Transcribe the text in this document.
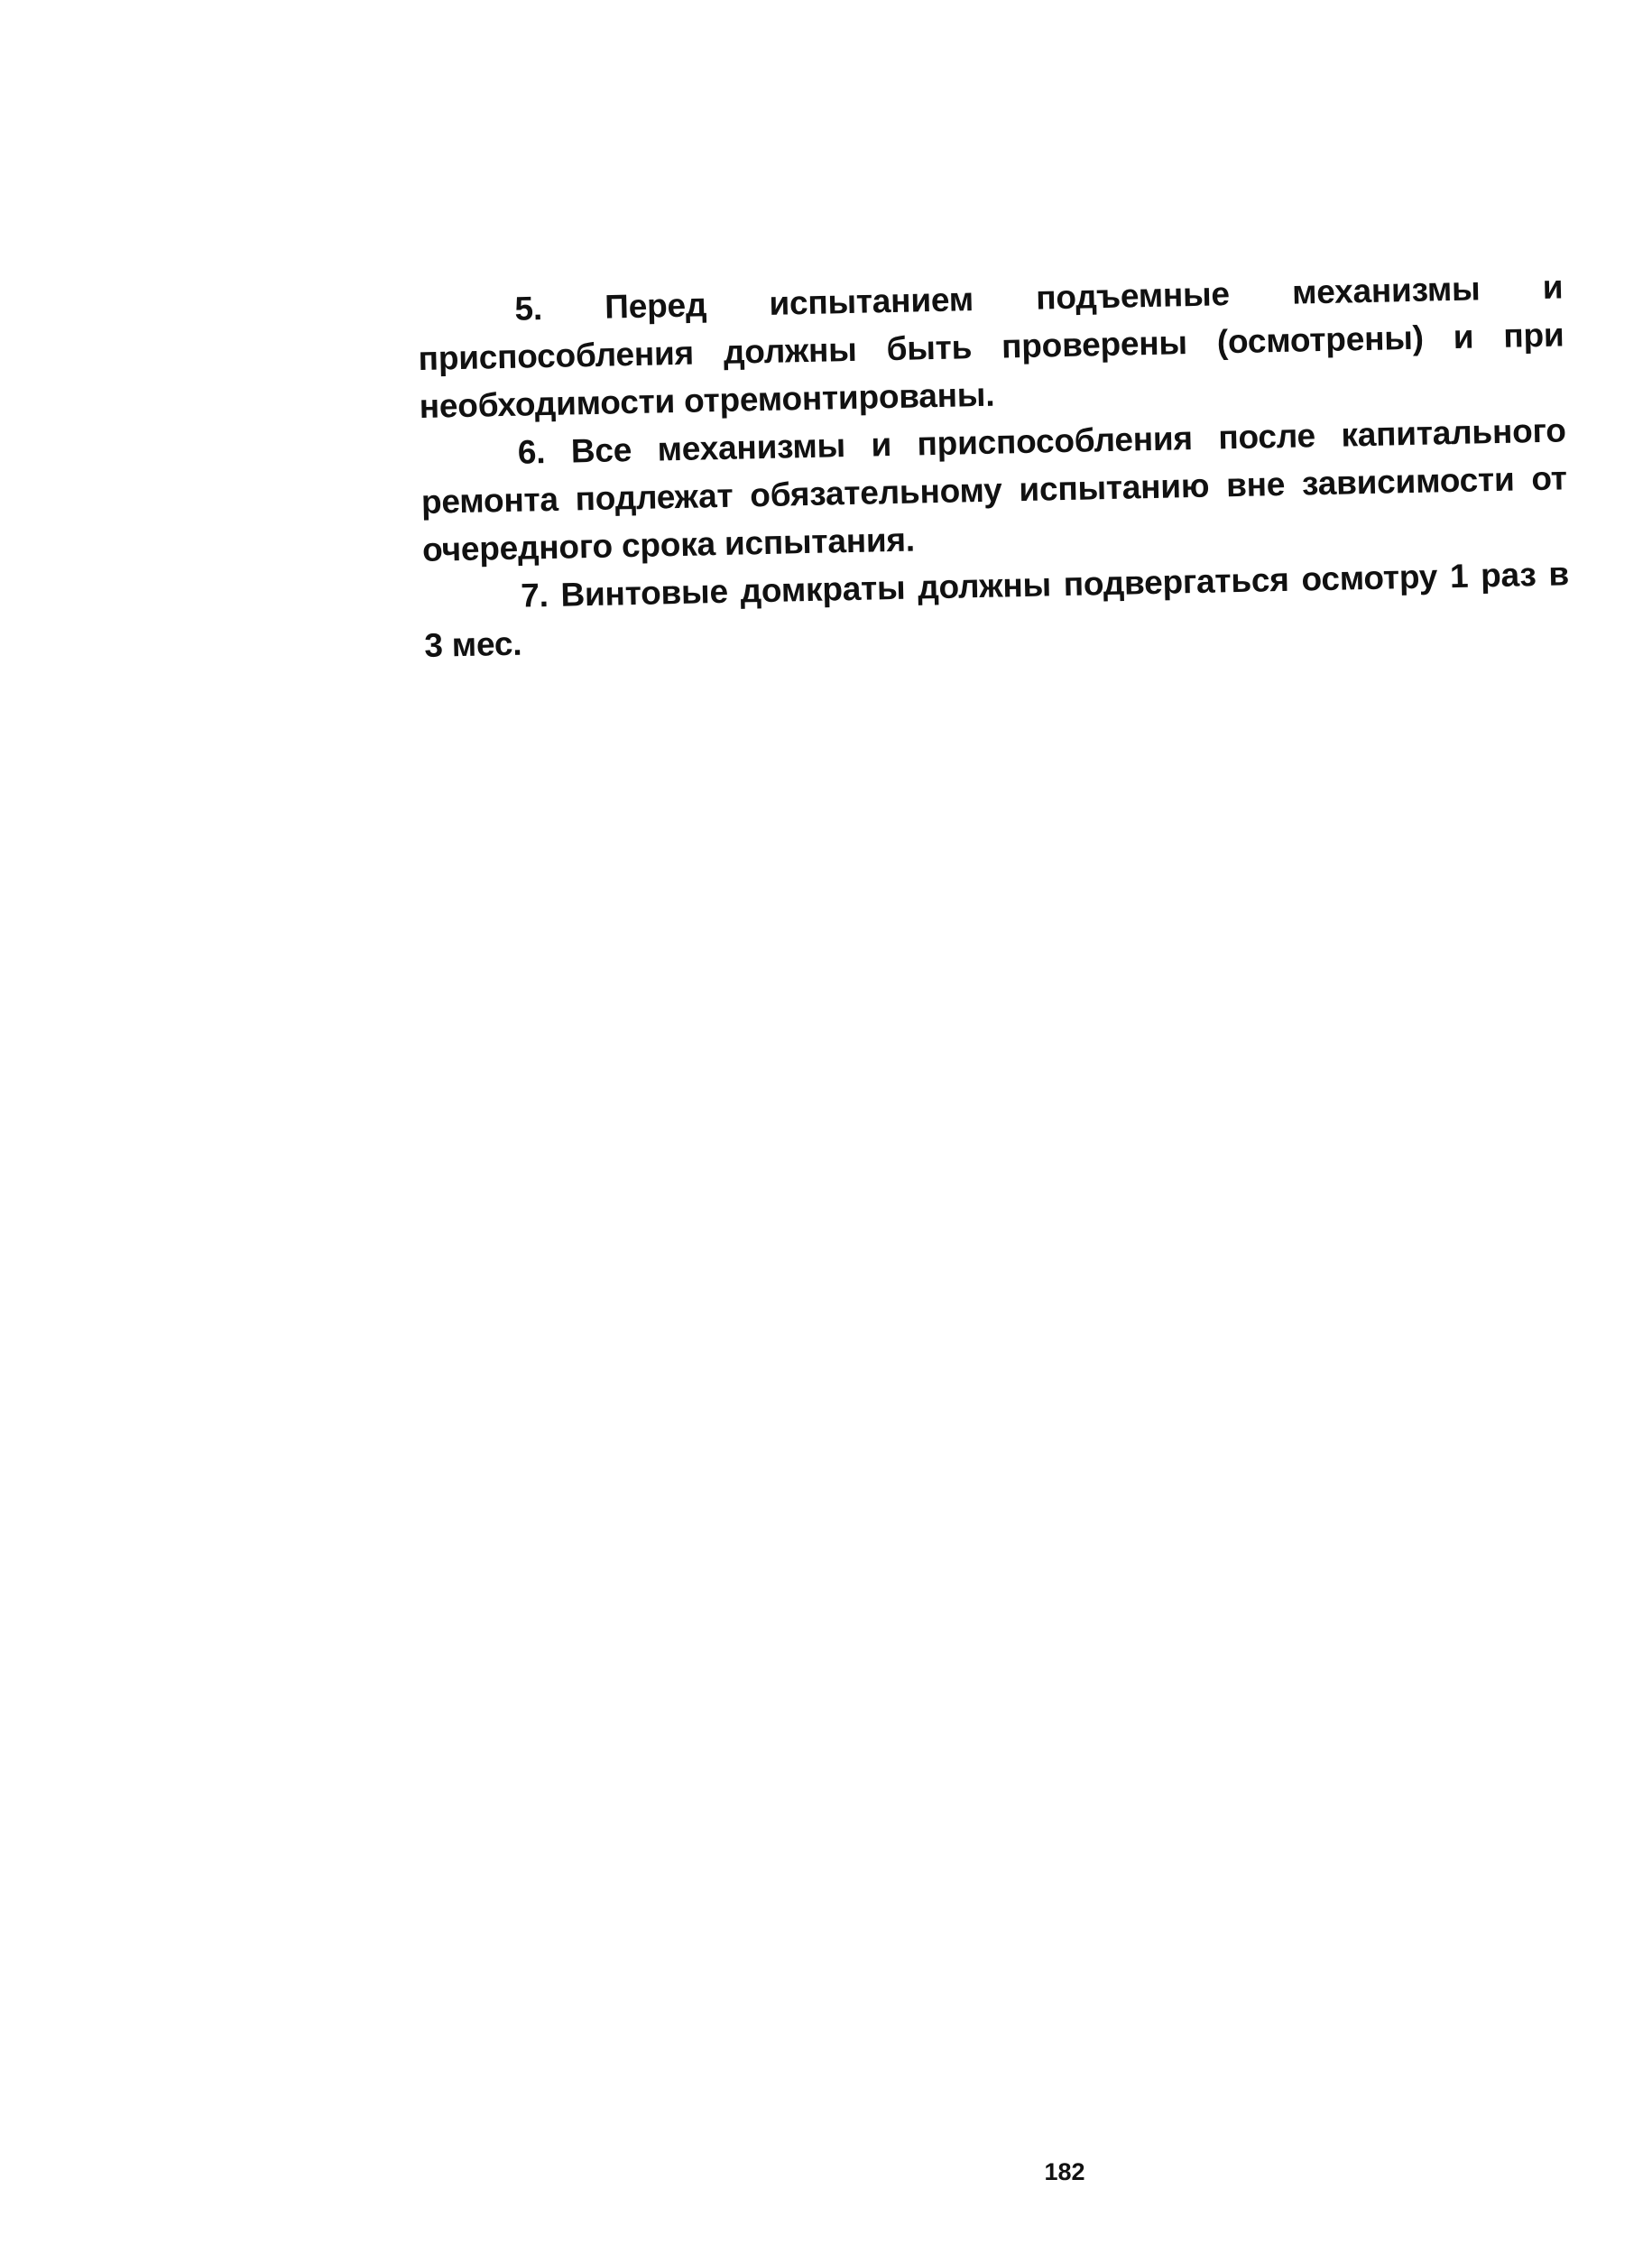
5. Перед испытанием подъемные механизмы и приспособления должны быть проверены (осмотрены) и при необходимости отремонтированы.

6. Все механизмы и приспособления после капитального ремонта подлежат обязательному испытанию вне зависимости от очередного срока испытания.

7. Винтовые домкраты должны подвергаться осмотру 1 раз в 3 мес.

182
